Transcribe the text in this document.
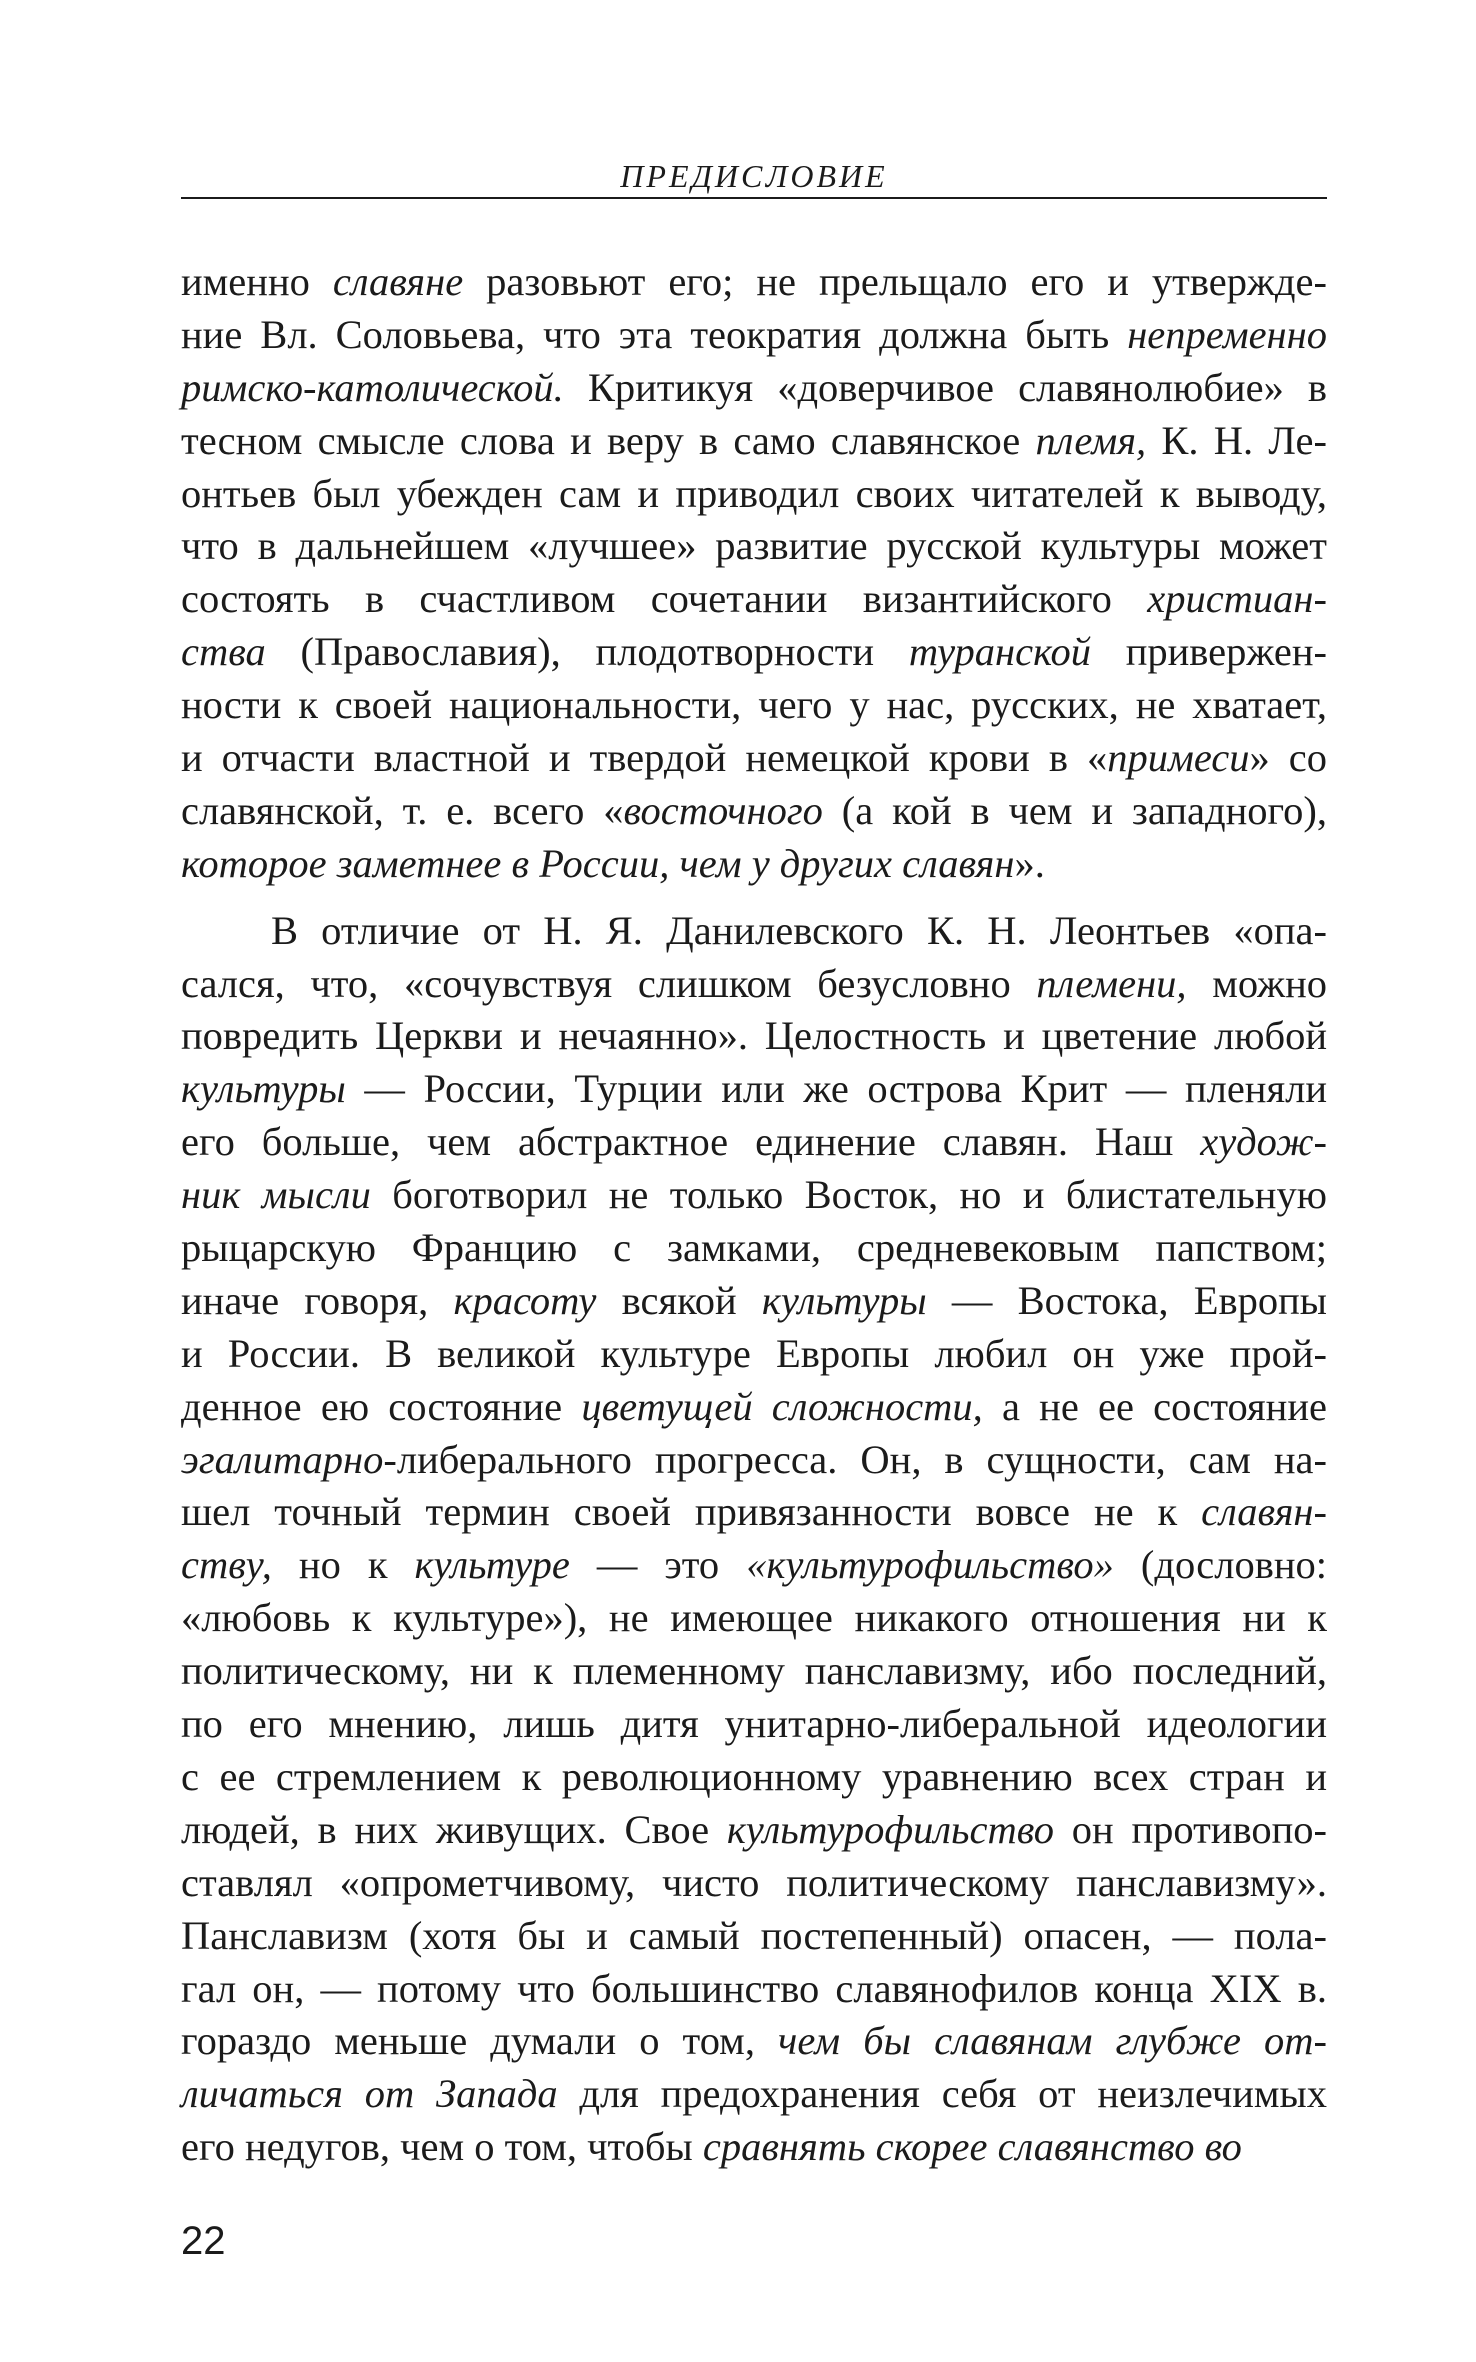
ПРЕДИСЛОВИЕ
именно славяне разовьют его; не прельщало его и утвержде-
ние Вл. Соловьева, что эта теократия должна быть непременно
римско-католической. Критикуя «доверчивое славянолюбие» в
тесном смысле слова и веру в само славянское племя, К. Н. Ле-
онтьев был убежден сам и приводил своих читателей к выводу,
что в дальнейшем «лучшее» развитие русской культуры может
состоять в счастливом сочетании византийского христиан-
ства (Православия), плодотворности туранской привержен-
ности к своей национальности, чего у нас, русских, не хватает,
и отчасти властной и твердой немецкой крови в «примеси» со
славянской, т. е. всего «восточного (а кой в чем и западного),
которое заметнее в России, чем у других славян».
В отличие от Н. Я. Данилевского К. Н. Леонтьев «опа-
сался, что, «сочувствуя слишком безусловно племени, можно
повредить Церкви и нечаянно». Целостность и цветение любой
культуры — России, Турции или же острова Крит — пленяли
его больше, чем абстрактное единение славян. Наш худож-
ник мысли боготворил не только Восток, но и блистательную
рыцарскую Францию с замками, средневековым папством;
иначе говоря, красоту всякой культуры — Востока, Европы
и России. В великой культуре Европы любил он уже прой-
денное ею состояние цветущей сложности, а не ее состояние
эгалитарно-либерального прогресса. Он, в сущности, сам на-
шел точный термин своей привязанности вовсе не к славян-
ству, но к культуре — это «культурофильство» (дословно:
«любовь к культуре»), не имеющее никакого отношения ни к
политическому, ни к племенному панславизму, ибо последний,
по его мнению, лишь дитя унитарно-либеральной идеологии
с ее стремлением к революционному уравнению всех стран и
людей, в них живущих. Свое культурофильство он противопо-
ставлял «опрометчивому, чисто политическому панславизму».
Панславизм (хотя бы и самый постепенный) опасен, — пола-
гал он, — потому что большинство славянофилов конца XIX в.
гораздо меньше думали о том, чем бы славянам глубже от-
личаться от Запада для предохранения себя от неизлечимых
его недугов, чем о том, чтобы сравнять скорее славянство во
22
